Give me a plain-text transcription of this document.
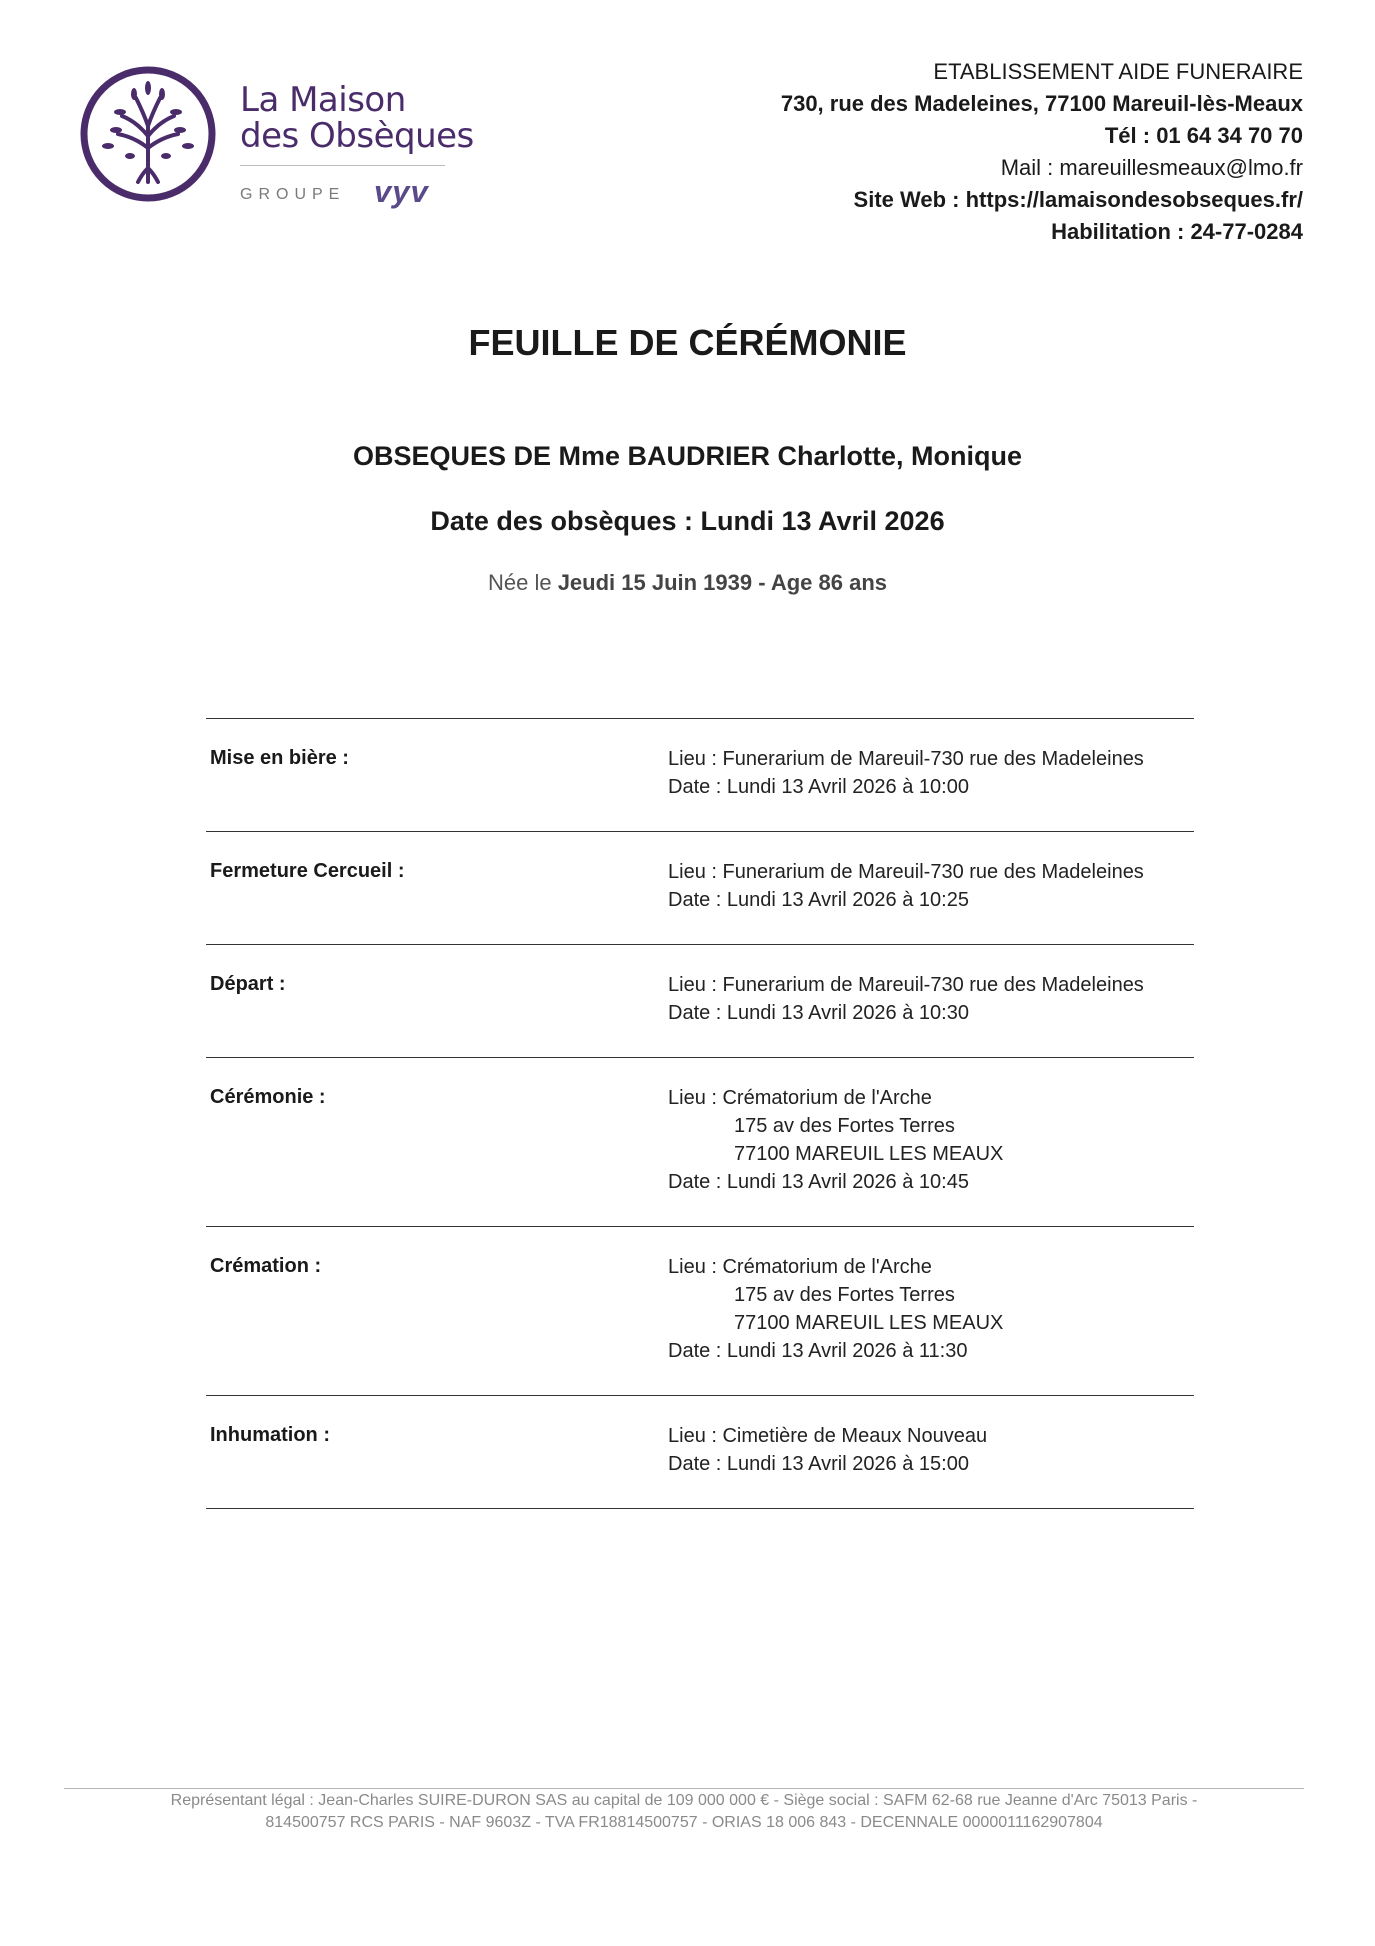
La Maison
des Obsèques
GROUPE vyv
ETABLISSEMENT AIDE FUNERAIRE
730, rue des Madeleines, 77100 Mareuil-lès-Meaux
Tél : 01 64 34 70 70
Mail : mareuillesmeaux@lmo.fr
Site Web : https://lamaisondesobseques.fr/
Habilitation : 24-77-0284
FEUILLE DE CÉRÉMONIE
OBSEQUES DE Mme BAUDRIER Charlotte, Monique
Date des obsèques : Lundi 13 Avril 2026
Née le Jeudi 15 Juin 1939 - Age 86 ans
Mise en bière :	Lieu : Funerarium de Mareuil-730 rue des Madeleines
Date : Lundi 13 Avril 2026 à 10:00
Fermeture Cercueil :	Lieu : Funerarium de Mareuil-730 rue des Madeleines
Date : Lundi 13 Avril 2026 à 10:25
Départ :	Lieu : Funerarium de Mareuil-730 rue des Madeleines
Date : Lundi 13 Avril 2026 à 10:30
Cérémonie :	Lieu : Crématorium de l'Arche
175 av des Fortes Terres
77100 MAREUIL LES MEAUX
Date : Lundi 13 Avril 2026 à 10:45
Crémation :	Lieu : Crématorium de l'Arche
175 av des Fortes Terres
77100 MAREUIL LES MEAUX
Date : Lundi 13 Avril 2026 à 11:30
Inhumation :	Lieu : Cimetière de Meaux Nouveau
Date : Lundi 13 Avril 2026 à 15:00
Représentant légal : Jean-Charles SUIRE-DURON SAS au capital de 109 000 000 € - Siège social : SAFM 62-68 rue Jeanne d'Arc 75013 Paris -
814500757 RCS PARIS - NAF 9603Z - TVA FR18814500757 - ORIAS 18 006 843 - DECENNALE 0000011162907804
